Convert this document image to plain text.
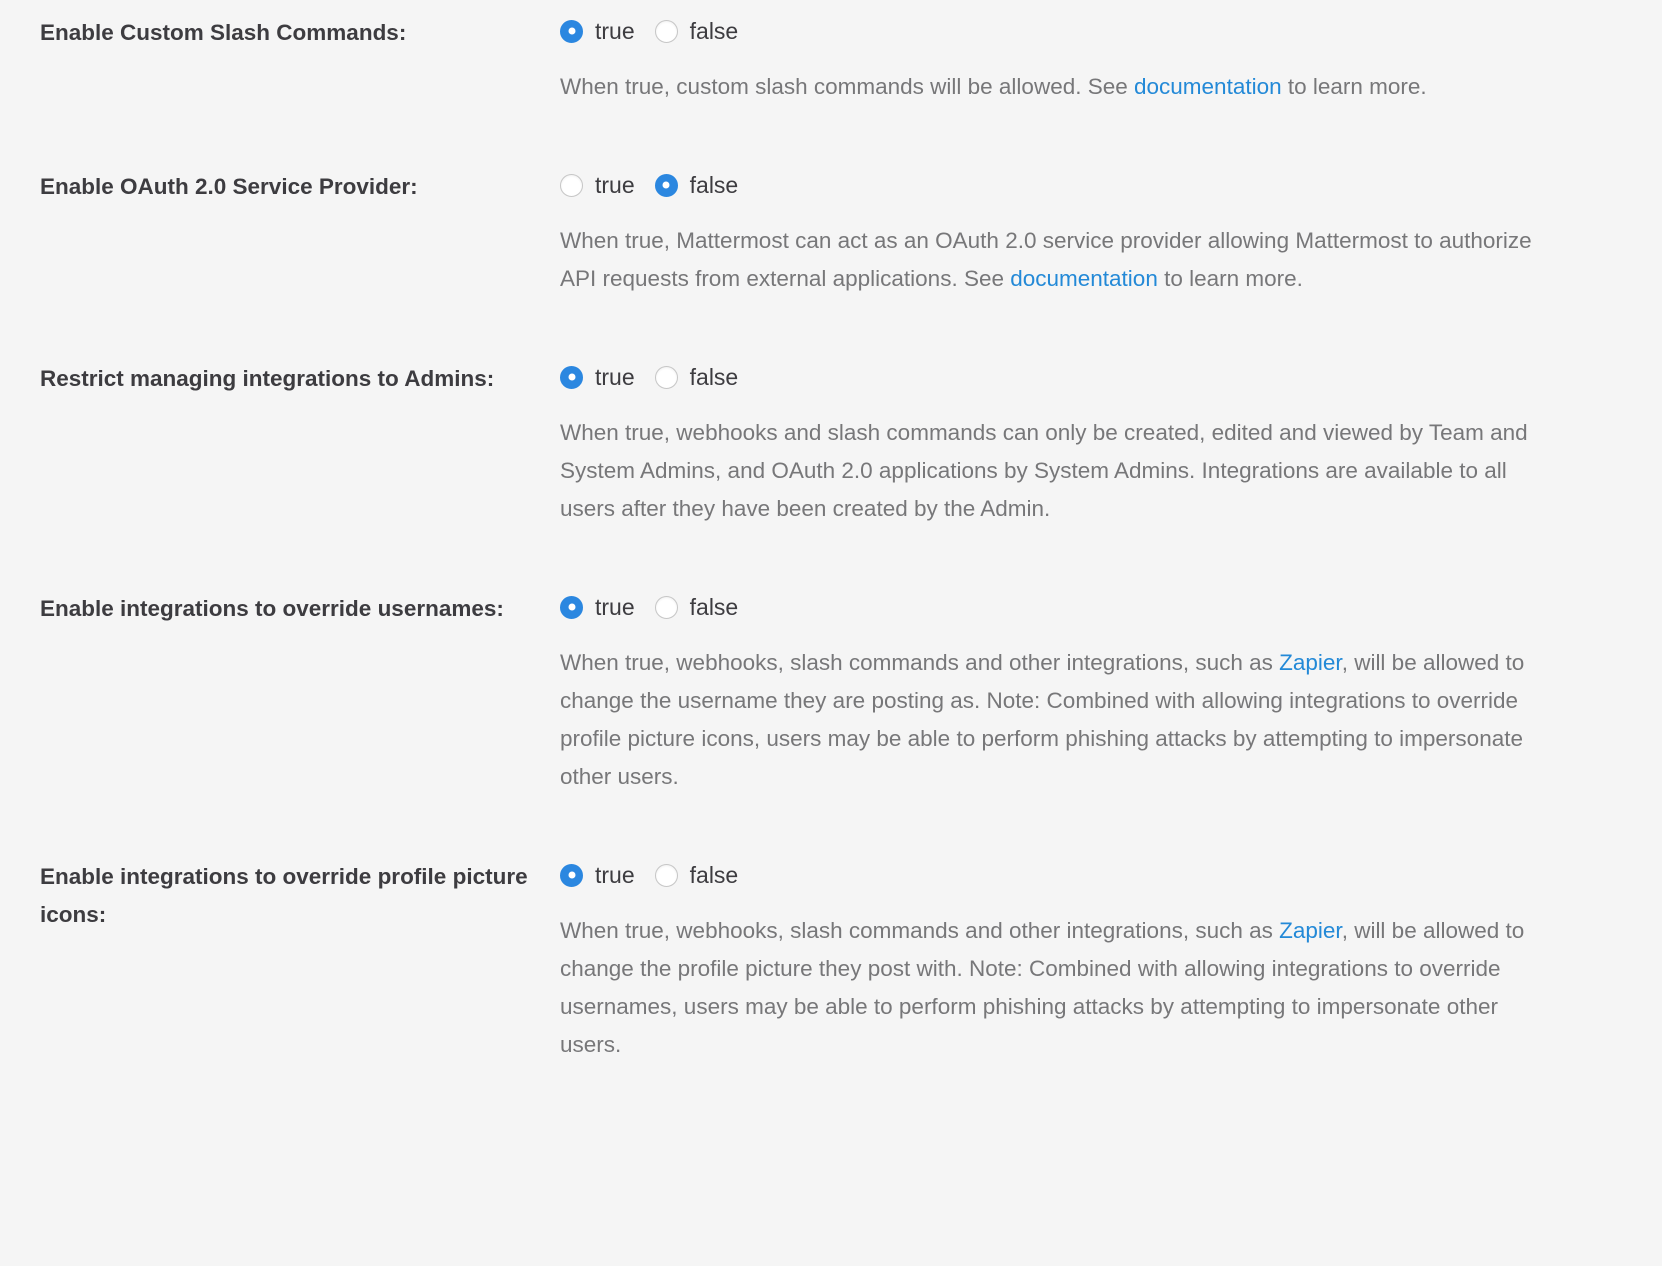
Enable Custom Slash Commands:	true false
When true, custom slash commands will be allowed. See documentation to learn more.
Enable OAuth 2.0 Service Provider:	true false
When true, Mattermost can act as an OAuth 2.0 service provider allowing Mattermost to authorize API requests from external applications. See documentation to learn more.
Restrict managing integrations to Admins:	true false
When true, webhooks and slash commands can only be created, edited and viewed by Team and System Admins, and OAuth 2.0 applications by System Admins. Integrations are available to all users after they have been created by the Admin.
Enable integrations to override usernames:	true false
When true, webhooks, slash commands and other integrations, such as Zapier, will be allowed to change the username they are posting as. Note: Combined with allowing integrations to override profile picture icons, users may be able to perform phishing attacks by attempting to impersonate other users.
Enable integrations to override profile picture icons:
true false
When true, webhooks, slash commands and other integrations, such as Zapier, will be allowed to change the profile picture they post with. Note: Combined with allowing integrations to override usernames, users may be able to perform phishing attacks by attempting to impersonate other users.
